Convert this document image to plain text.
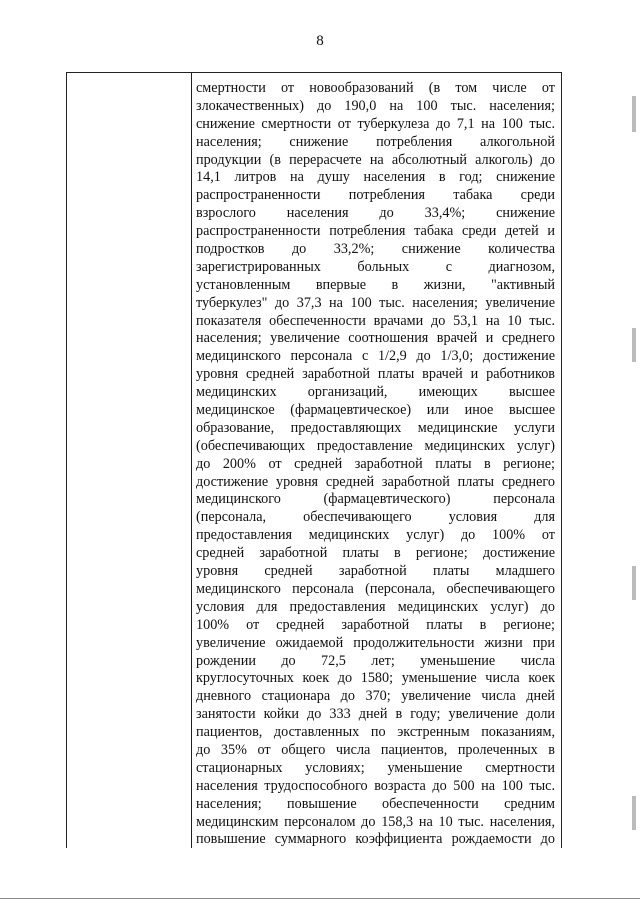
8
смертности от новообразований (в том числе от
злокачественных) до 190,0 на 100 тыс. населения;
снижение смертности от туберкулеза до 7,1 на 100 тыс.
населения; снижение потребления алкогольной
продукции (в перерасчете на абсолютный алкоголь) до
14,1 литров на душу населения в год; снижение
распространенности потребления табака среди
взрослого населения до 33,4%; снижение
распространенности потребления табака среди детей и
подростков до 33,2%; снижение количества
зарегистрированных больных с диагнозом,
установленным впервые в жизни, "активный
туберкулез" до 37,3 на 100 тыс. населения; увеличение
показателя обеспеченности врачами до 53,1 на 10 тыс.
населения; увеличение соотношения врачей и среднего
медицинского персонала с 1/2,9 до 1/3,0; достижение
уровня средней заработной платы врачей и работников
медицинских организаций, имеющих высшее
медицинское (фармацевтическое) или иное высшее
образование, предоставляющих медицинские услуги
(обеспечивающих предоставление медицинских услуг)
до 200% от средней заработной платы в регионе;
достижение уровня средней заработной платы среднего
медицинского (фармацевтического) персонала
(персонала, обеспечивающего условия для
предоставления медицинских услуг) до 100% от
средней заработной платы в регионе; достижение
уровня средней заработной платы младшего
медицинского персонала (персонала, обеспечивающего
условия для предоставления медицинских услуг) до
100% от средней заработной платы в регионе;
увеличение ожидаемой продолжительности жизни при
рождении до 72,5 лет; уменьшение числа
круглосуточных коек до 1580; уменьшение числа коек
дневного стационара до 370; увеличение числа дней
занятости койки до 333 дней в году; увеличение доли
пациентов, доставленных по экстренным показаниям,
до 35% от общего числа пациентов, пролеченных в
стационарных условиях; уменьшение смертности
населения трудоспособного возраста до 500 на 100 тыс.
населения; повышение обеспеченности средним
медицинским персоналом до 158,3 на 10 тыс. населения,
повышение суммарного коэффициента рождаемости до
